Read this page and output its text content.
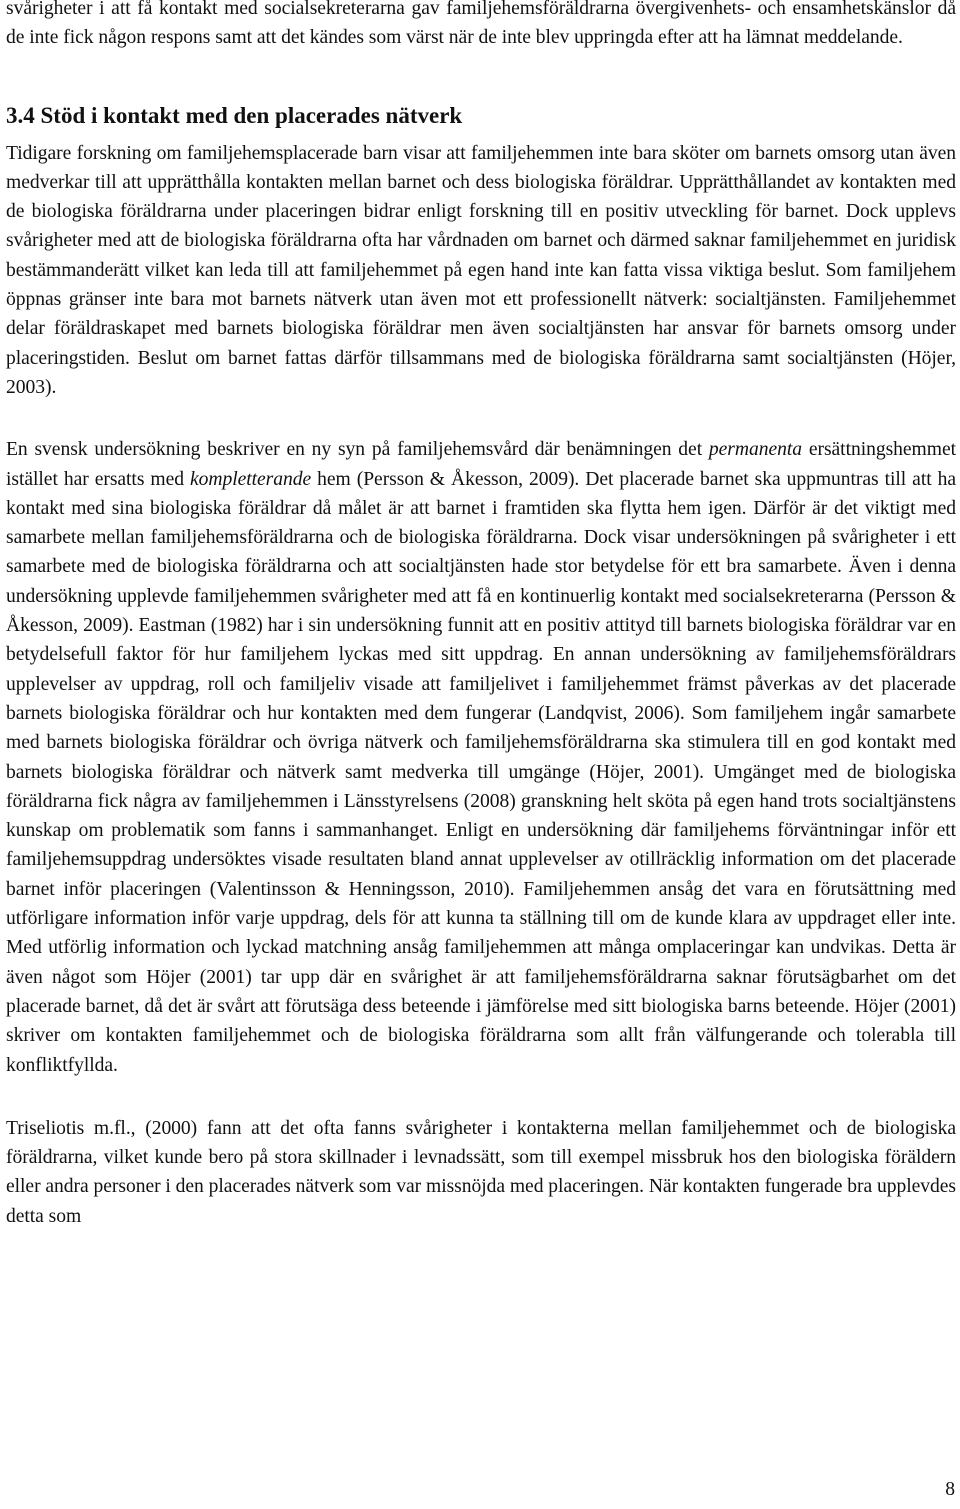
svårigheter i att få kontakt med socialsekreterarna gav familjehemsföräldrarna övergivenhets- och ensamhetskänslor då de inte fick någon respons samt att det kändes som värst när de inte blev uppringda efter att ha lämnat meddelande.

3.4 Stöd i kontakt med den placerades nätverk

Tidigare forskning om familjehemsplacerade barn visar att familjehemmen inte bara sköter om barnets omsorg utan även medverkar till att upprätthålla kontakten mellan barnet och dess biologiska föräldrar. Upprätthållandet av kontakten med de biologiska föräldrarna under placeringen bidrar enligt forskning till en positiv utveckling för barnet. Dock upplevs svårigheter med att de biologiska föräldrarna ofta har vårdnaden om barnet och därmed saknar familjehemmet en juridisk bestämmanderätt vilket kan leda till att familjehemmet på egen hand inte kan fatta vissa viktiga beslut. Som familjehem öppnas gränser inte bara mot barnets nätverk utan även mot ett professionellt nätverk: socialtjänsten. Familjehemmet delar föräldraskapet med barnets biologiska föräldrar men även socialtjänsten har ansvar för barnets omsorg under placeringstiden. Beslut om barnet fattas därför tillsammans med de biologiska föräldrarna samt socialtjänsten (Höjer, 2003).

En svensk undersökning beskriver en ny syn på familjehemsvård där benämningen det permanenta ersättningshemmet istället har ersatts med kompletterande hem (Persson & Åkesson, 2009). Det placerade barnet ska uppmuntras till att ha kontakt med sina biologiska föräldrar då målet är att barnet i framtiden ska flytta hem igen. Därför är det viktigt med samarbete mellan familjehemsföräldrarna och de biologiska föräldrarna. Dock visar undersökningen på svårigheter i ett samarbete med de biologiska föräldrarna och att socialtjänsten hade stor betydelse för ett bra samarbete. Även i denna undersökning upplevde familjehemmen svårigheter med att få en kontinuerlig kontakt med socialsekreterarna (Persson & Åkesson, 2009). Eastman (1982) har i sin undersökning funnit att en positiv attityd till barnets biologiska föräldrar var en betydelsefull faktor för hur familjehem lyckas med sitt uppdrag. En annan undersökning av familjehemsföräldrars upplevelser av uppdrag, roll och familjeliv visade att familjelivet i familjehemmet främst påverkas av det placerade barnets biologiska föräldrar och hur kontakten med dem fungerar (Landqvist, 2006). Som familjehem ingår samarbete med barnets biologiska föräldrar och övriga nätverk och familjehemsföräldrarna ska stimulera till en god kontakt med barnets biologiska föräldrar och nätverk samt medverka till umgänge (Höjer, 2001). Umgänget med de biologiska föräldrarna fick några av familjehemmen i Länsstyrelsens (2008) granskning helt sköta på egen hand trots socialtjänstens kunskap om problematik som fanns i sammanhanget. Enligt en undersökning där familjehems förväntningar inför ett familjehemsuppdrag undersöktes visade resultaten bland annat upplevelser av otillräcklig information om det placerade barnet inför placeringen (Valentinsson & Henningsson, 2010). Familjehemmen ansåg det vara en förutsättning med utförligare information inför varje uppdrag, dels för att kunna ta ställning till om de kunde klara av uppdraget eller inte. Med utförlig information och lyckad matchning ansåg familjehemmen att många omplaceringar kan undvikas. Detta är även något som Höjer (2001) tar upp där en svårighet är att familjehemsföräldrarna saknar förutsägbarhet om det placerade barnet, då det är svårt att förutsäga dess beteende i jämförelse med sitt biologiska barns beteende. Höjer (2001) skriver om kontakten familjehemmet och de biologiska föräldrarna som allt från välfungerande och tolerabla till konfliktfyllda.

Triseliotis m.fl., (2000) fann att det ofta fanns svårigheter i kontakterna mellan familjehemmet och de biologiska föräldrarna, vilket kunde bero på stora skillnader i levnadssätt, som till exempel missbruk hos den biologiska föräldern eller andra personer i den placerades nätverk som var missnöjda med placeringen. När kontakten fungerade bra upplevdes detta som

8
